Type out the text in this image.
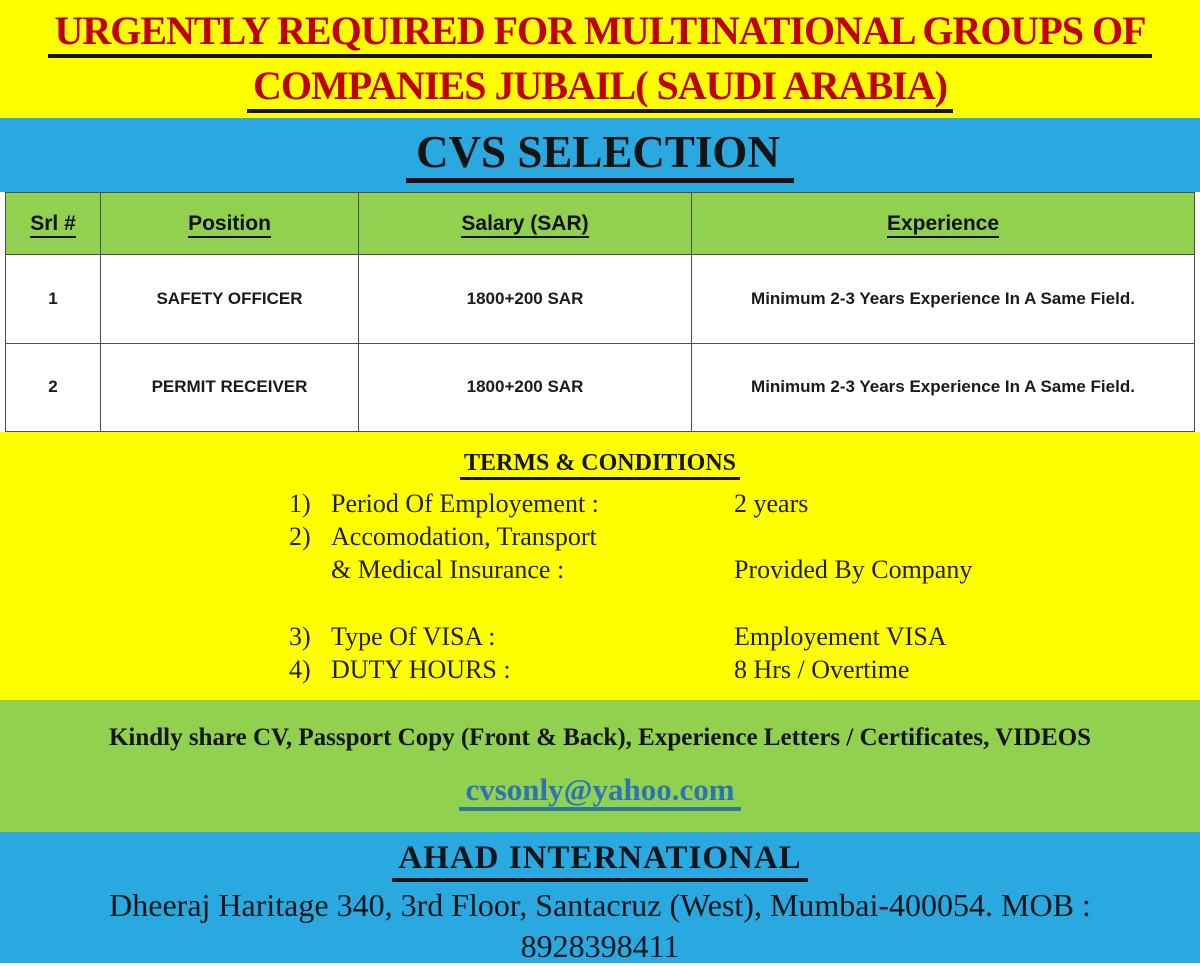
URGENTLY REQUIRED FOR MULTINATIONAL GROUPS OF
COMPANIES JUBAIL( SAUDI ARABIA)
CVS SELECTION
Srl #	Position	Salary (SAR)	Experience
1	SAFETY OFFICER	1800+200 SAR	Minimum 2-3 Years Experience In A Same Field.
2	PERMIT RECEIVER	1800+200 SAR	Minimum 2-3 Years Experience In A Same Field.
TERMS & CONDITIONS
1) Period Of Employement :	2 years
2) Accomodation, Transport
& Medical Insurance :	Provided By Company
3) Type Of VISA :	Employement VISA
4) DUTY HOURS :	8 Hrs / Overtime
Kindly share CV, Passport Copy (Front & Back), Experience Letters / Certificates, VIDEOS
cvsonly@yahoo.com
AHAD INTERNATIONAL
Dheeraj Haritage 340, 3rd Floor, Santacruz (West), Mumbai-400054. MOB :
8928398411
